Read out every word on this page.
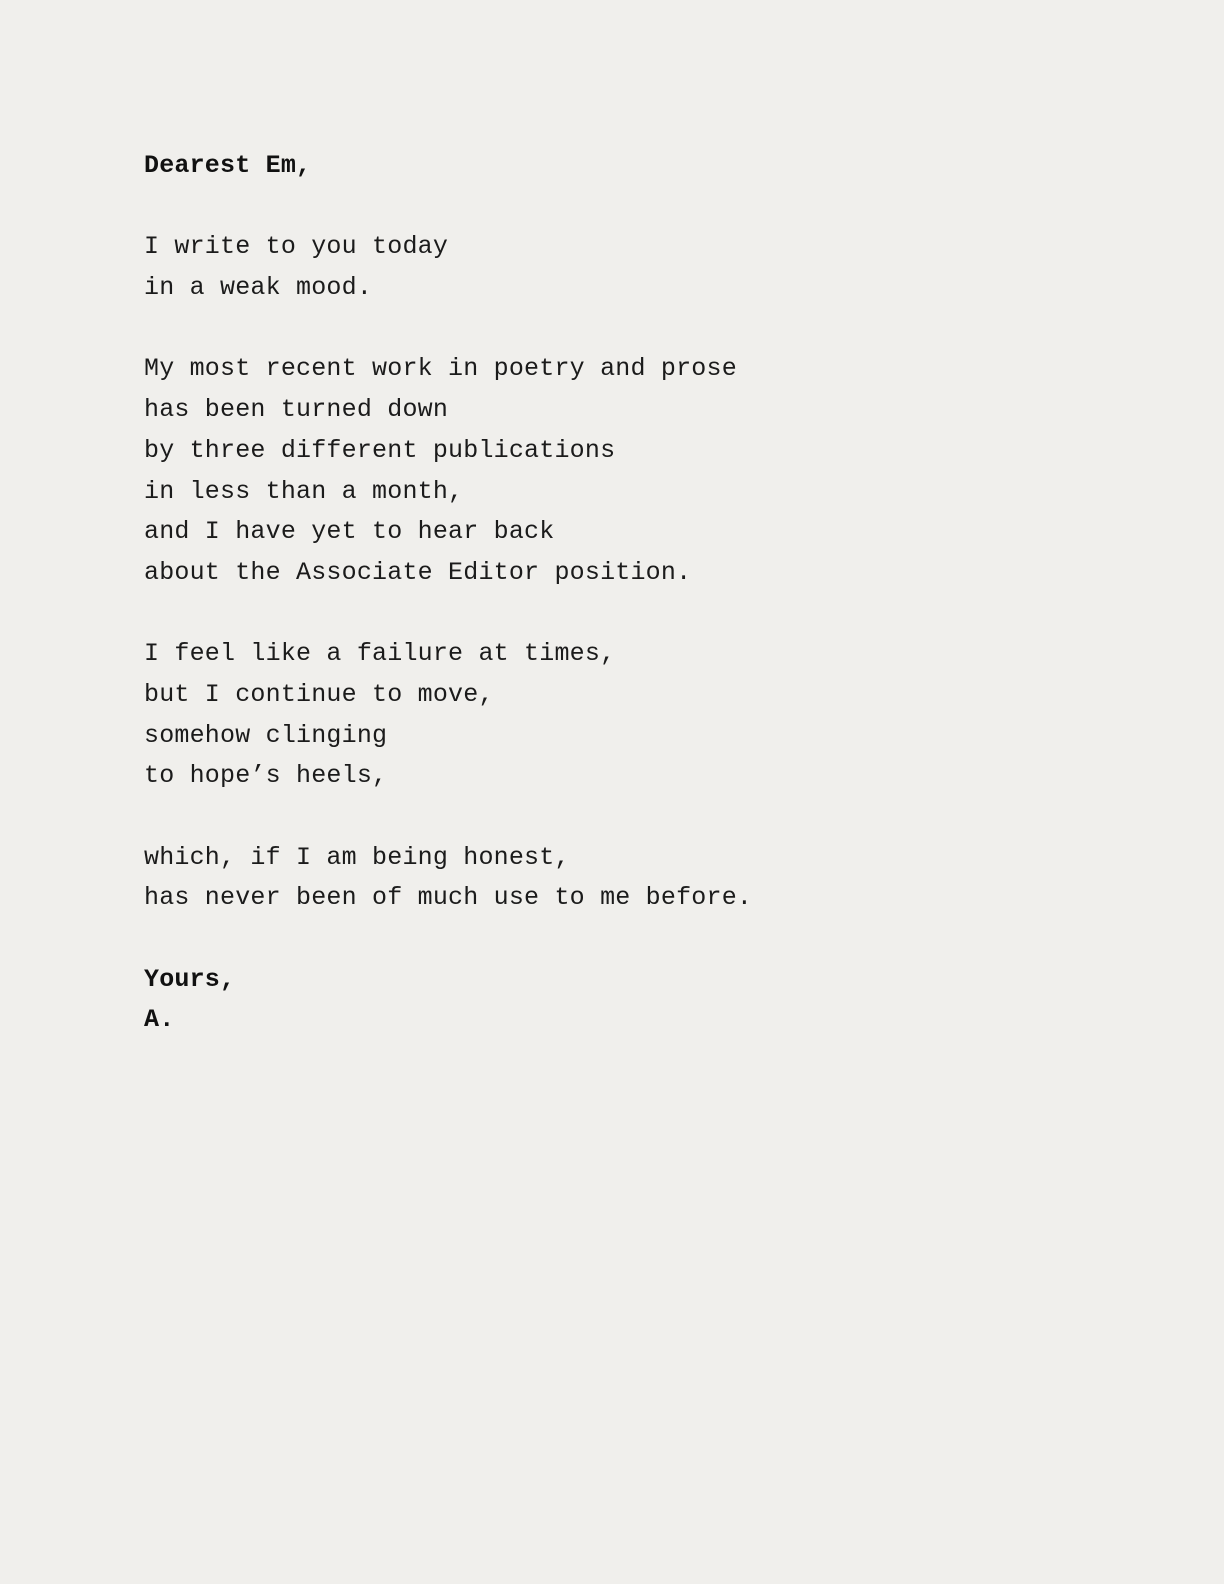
Dearest Em,
I write to you today
in a weak mood.
My most recent work in poetry and prose
has been turned down
by three different publications
in less than a month,
and I have yet to hear back
about the Associate Editor position.
I feel like a failure at times,
but I continue to move,
somehow clinging
to hope’s heels,
which, if I am being honest,
has never been of much use to me before.
Yours,
A.
